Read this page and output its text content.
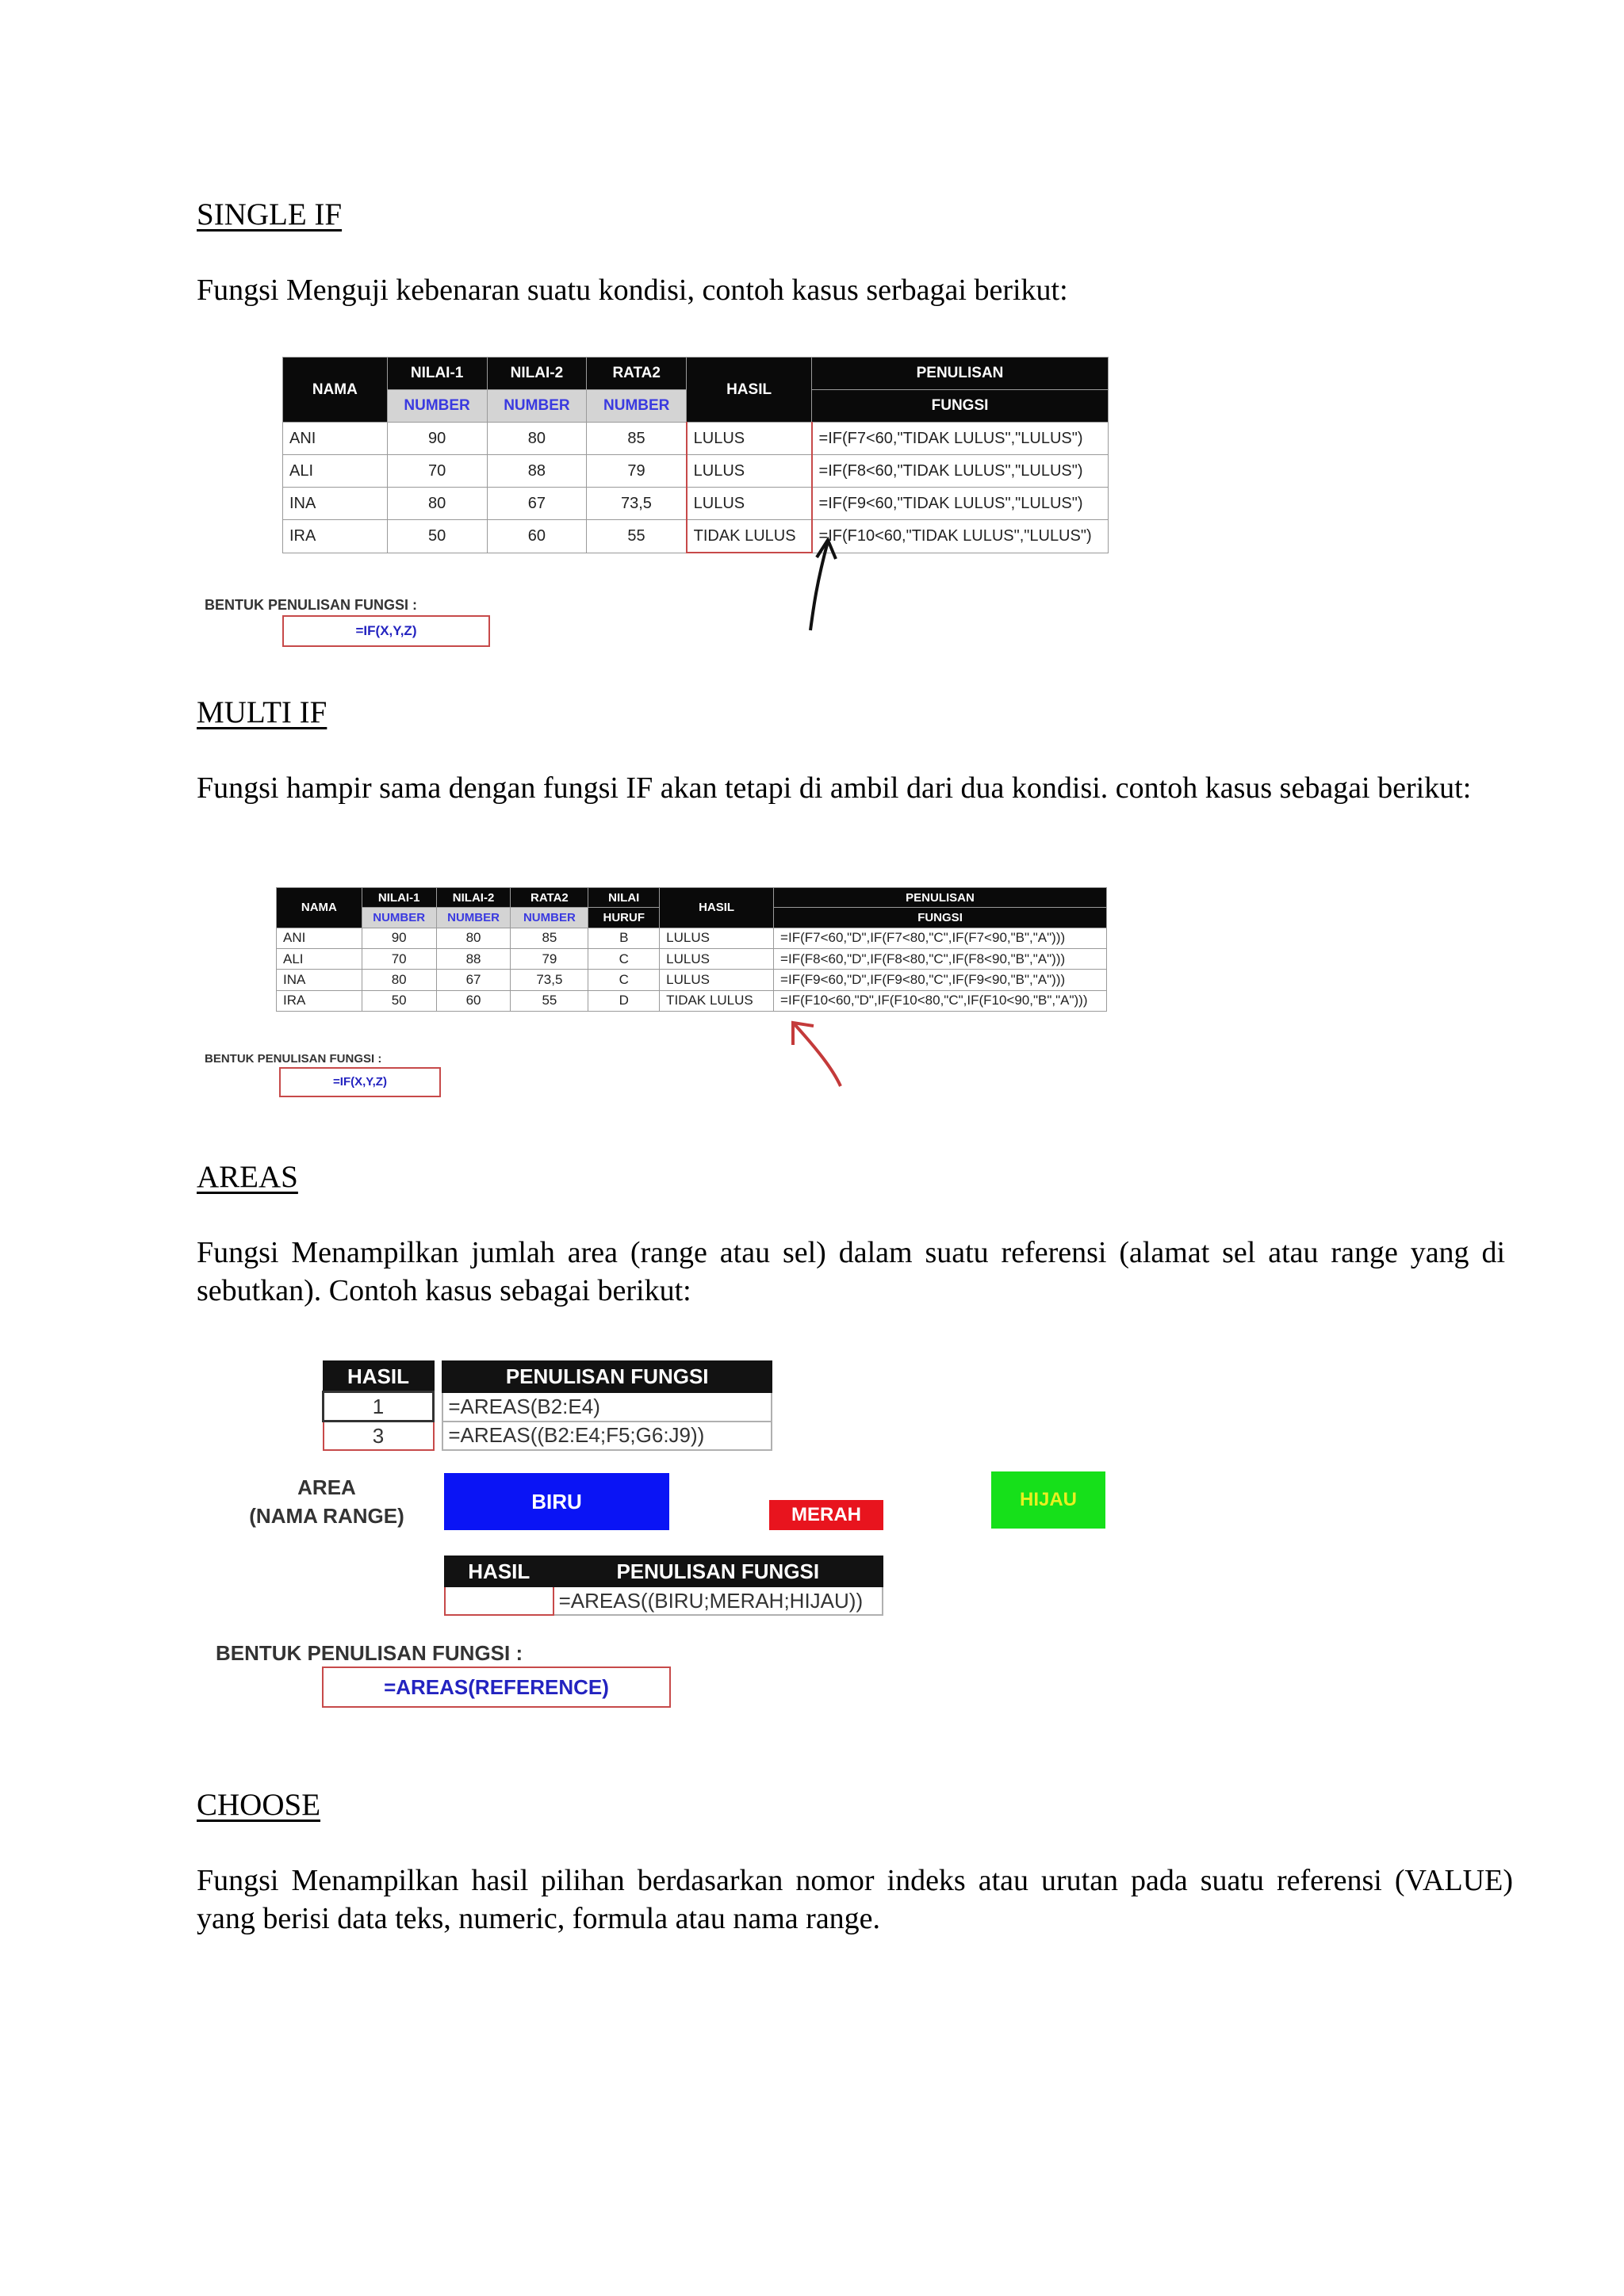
SINGLE IF
Fungsi Menguji kebenaran suatu kondisi, contoh kasus serbagai berikut:
NAMA	NILAI-1	NILAI-2	RATA2	HASIL	PENULISAN
	NUMBER	NUMBER	NUMBER		FUNGSI
ANI	90	80	85	LULUS	=IF(F7<60,"TIDAK LULUS","LULUS")
ALI	70	88	79	LULUS	=IF(F8<60,"TIDAK LULUS","LULUS")
INA	80	67	73,5	LULUS	=IF(F9<60,"TIDAK LULUS","LULUS")
IRA	50	60	55	TIDAK LULUS	=IF(F10<60,"TIDAK LULUS","LULUS")
BENTUK PENULISAN FUNGSI :
=IF(X,Y,Z)
MULTI IF
Fungsi hampir sama dengan fungsi IF akan tetapi di ambil dari dua kondisi. contoh kasus sebagai berikut:
NAMA	NILAI-1	NILAI-2	RATA2	NILAI	HASIL	PENULISAN
	NUMBER	NUMBER	NUMBER	HURUF		FUNGSI
ANI	90	80	85	B	LULUS	=IF(F7<60,"D",IF(F7<80,"C",IF(F7<90,"B","A")))
ALI	70	88	79	C	LULUS	=IF(F8<60,"D",IF(F8<80,"C",IF(F8<90,"B","A")))
INA	80	67	73,5	C	LULUS	=IF(F9<60,"D",IF(F9<80,"C",IF(F9<90,"B","A")))
IRA	50	60	55	D	TIDAK LULUS	=IF(F10<60,"D",IF(F10<80,"C",IF(F10<90,"B","A")))
BENTUK PENULISAN FUNGSI :
=IF(X,Y,Z)
AREAS
Fungsi Menampilkan jumlah area (range atau sel) dalam suatu referensi (alamat sel atau range yang di sebutkan). Contoh kasus sebagai berikut:
HASIL		PENULISAN FUNGSI
1		=AREAS(B2:E4)
3		=AREAS((B2:E4;F5;G6:J9))
AREA
(NAMA RANGE)
BIRU
MERAH
HIJAU
HASIL	PENULISAN FUNGSI
	=AREAS((BIRU;MERAH;HIJAU))
BENTUK PENULISAN FUNGSI :
=AREAS(REFERENCE)
CHOOSE
Fungsi Menampilkan hasil pilihan berdasarkan nomor indeks atau urutan pada suatu referensi (VALUE) yang berisi data teks, numeric, formula atau nama range.
